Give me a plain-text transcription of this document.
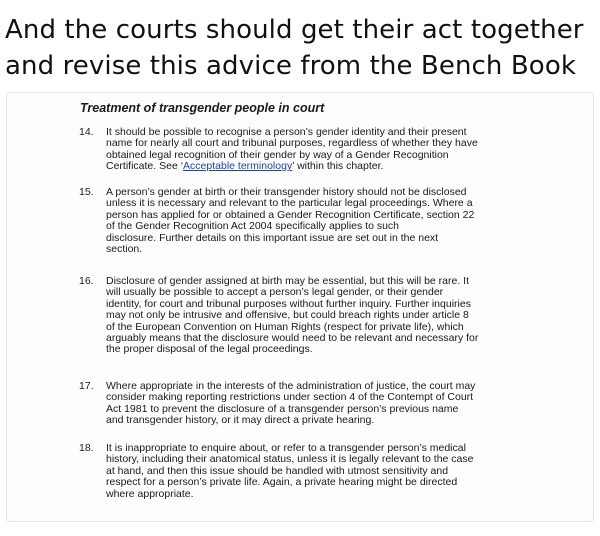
And the courts should get their act together
and revise this advice from the Bench Book
Treatment of transgender people in court
14. It should be possible to recognise a person’s gender identity and their present
name for nearly all court and tribunal purposes, regardless of whether they have
obtained legal recognition of their gender by way of a Gender Recognition
Certificate. See ‘Acceptable terminology’ within this chapter.
15. A person’s gender at birth or their transgender history should not be disclosed
unless it is necessary and relevant to the particular legal proceedings. Where a
person has applied for or obtained a Gender Recognition Certificate, section 22
of the Gender Recognition Act 2004 specifically applies to such
disclosure. Further details on this important issue are set out in the next
section.
16. Disclosure of gender assigned at birth may be essential, but this will be rare. It
will usually be possible to accept a person’s legal gender, or their gender
identity, for court and tribunal purposes without further inquiry. Further inquiries
may not only be intrusive and offensive, but could breach rights under article 8
of the European Convention on Human Rights (respect for private life), which
arguably means that the disclosure would need to be relevant and necessary for
the proper disposal of the legal proceedings.
17. Where appropriate in the interests of the administration of justice, the court may
consider making reporting restrictions under section 4 of the Contempt of Court
Act 1981 to prevent the disclosure of a transgender person’s previous name
and transgender history, or it may direct a private hearing.
18. It is inappropriate to enquire about, or refer to a transgender person’s medical
history, including their anatomical status, unless it is legally relevant to the case
at hand, and then this issue should be handled with utmost sensitivity and
respect for a person’s private life. Again, a private hearing might be directed
where appropriate.
